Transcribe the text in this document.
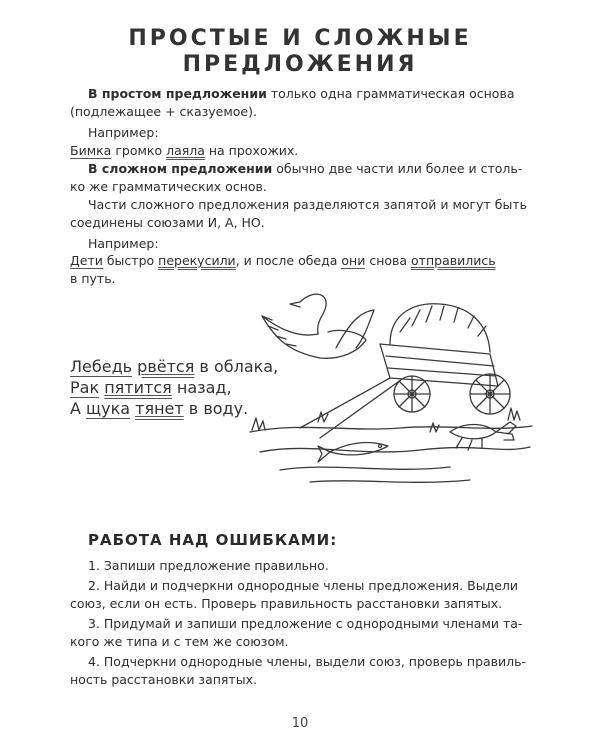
ПРОСТЫЕ И СЛОЖНЫЕ
ПРЕДЛОЖЕНИЯ
В простом предложении только одна грамматическая основа
(подлежащее + сказуемое).
Например:
Бимка громко лаяла на прохожих.
В сложном предложении обычно две части или более и столь-
ко же грамматических основ.
Части сложного предложения разделяются запятой и могут быть
соединены союзами И, А, НО.
Например:
Дети быстро перекусили, и после обеда они снова отправились
в путь.
Лебедь рвётся в облака,
Рак пятится назад,
А щука тянет в воду.
РАБОТА НАД ОШИБКАМИ:
1. Запиши предложение правильно.
2. Найди и подчеркни однородные члены предложения. Выдели
союз, если он есть. Проверь правильность расстановки запятых.
3. Придумай и запиши предложение с однородными членами та-
кого же типа и с тем же союзом.
4. Подчеркни однородные члены, выдели союз, проверь правиль-
ность расстановки запятых.
10
